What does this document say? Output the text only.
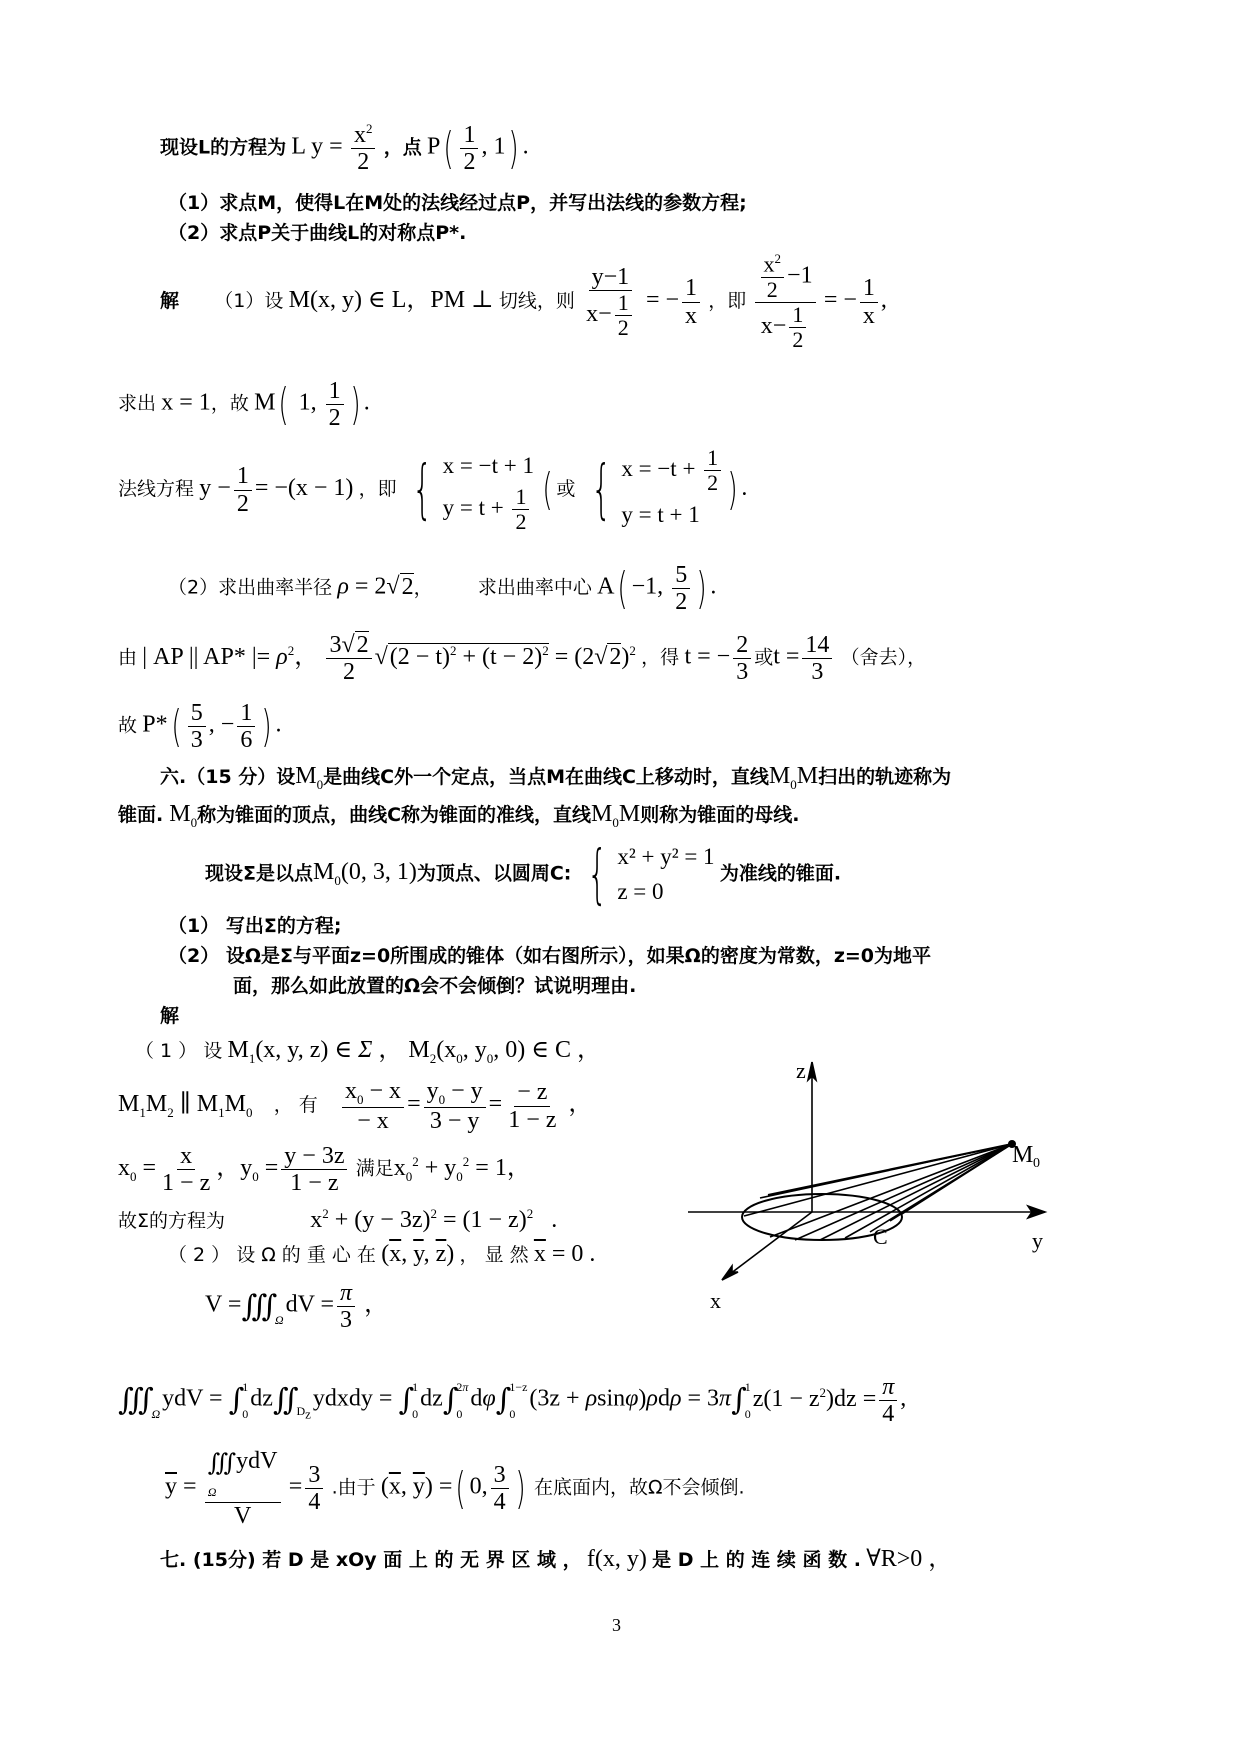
现设L的方程为 L $y = \frac{x^2}{2}$ ，点 $P( \frac{1}{2}$ , 1) .
（1）求点M，使得L在M处的法线经过点P，并写出法线的参数方程;
（2）求点P关于曲线L的对称点P*.
解 （1）设 M(x, y) ∈ L，PM ⊥ 切线，则 $\frac{y-1}{x- \frac{1}{2}}$ = − $\frac{1}{x}$ ，即 $\frac{\frac{x^2}{2} -1}{x- \frac{1}{2}}$ = − $\frac{1}{x}$ ,
求出 x = 1，故 M( 1, $\frac{1}{2}$ ) .
法线方程 $y - \frac{1}{2} = -(x - 1)$ ，即 { x = −t + 1
$y = t + \frac{1}{2}$ ( 或 { $x = -t + \frac{1}{2}$
y = t + 1 ) .
（2）求出曲率半径 ρ = 2√2， 求出曲率中心 A( −1, $\frac{5}{2}$ ) .
由 | AP || AP* |= $\rho^2$， $\frac{3√2}{2} √(2 - t)^2 + (t - 2)^2 = (2√2)^2$ ，得 t = − $\frac{2}{3}$ 或$t = \frac{14}{3}$ （舍去），
故 $P*( \frac{5}{3}$ , − $\frac{1}{6}$ ) .
六.（15 分）设$M_0$是曲线C外一个定点，当点M在曲线C上移动时，直线$M_0M$扫出的轨迹称为
锥面. $M_0$称为锥面的顶点，曲线C称为锥面的准线，直线$M_0M$则称为锥面的母线.
现设Σ是以点$M_0(0$, 3, 1)为顶点、以圆周C: { x² + y² = 1
z = 0
为准线的锥面.
（1） 写出Σ的方程;
（2） 设Ω是Σ与平面z=0所围成的锥体（如右图所示），如果Ω的密度为常数，z=0为地平
面，那么如此放置的Ω会不会倾倒？试说明理由.
解
（ 1 ） 设 $M_1(x$, y, z) ∈ Σ ， $M_2(x_0$, $y_0$, 0) ∈ C ，
$M_1M_2$ ∥ $M_1M_0$ ， 有 $\frac{x_0 - x}{- x} = \frac{y_0 - y}{3 - y} = \frac{- z}{1 - z}$ ，
$x_0 = \frac{x}{1 - z}$ ，$y_0 = \frac{y - 3z}{1 - z}$ 满足$x_0^2 + y_0^2 = 1$，
故Σ的方程为	$x^2 + (y - 3z)^2 = (1 - z)^2$   .
（ 2 ） 设 Ω 的 重 心 在 ($\overline{x}$, $\overline{y}$, $\overline{z}$) ， 显 然 $\overline{x} = 0$ .
V =∭

Ω
dV = $\frac{\pi}{3}$ ，
∭

Ω
ydV = ∫
1
0
dz∬

$D_z$
ydxdy = ∫
1
0
dz∫
2π
0
dφ∫
1−z
0
(3z + ρsinφ)ρdρ = 3π∫
1
0
$z(1 - z^2)dz = \frac{\pi}{4}$ ,
$\overline{y}$ =
∭ydV
Ω
V
= $\frac{3}{4}$ .由于 ($\overline{x}$, $\overline{y}$) =( 0, $\frac{3}{4}$ ) 在底面内，故Ω不会倾倒.
七. (15分) 若 D 是 xOy 面 上 的 无 界 区 域 ， f(x, y) 是 D 上 的 连 续 函 数 . ∀R>0 ，
3
z
y
x
C
M 0
